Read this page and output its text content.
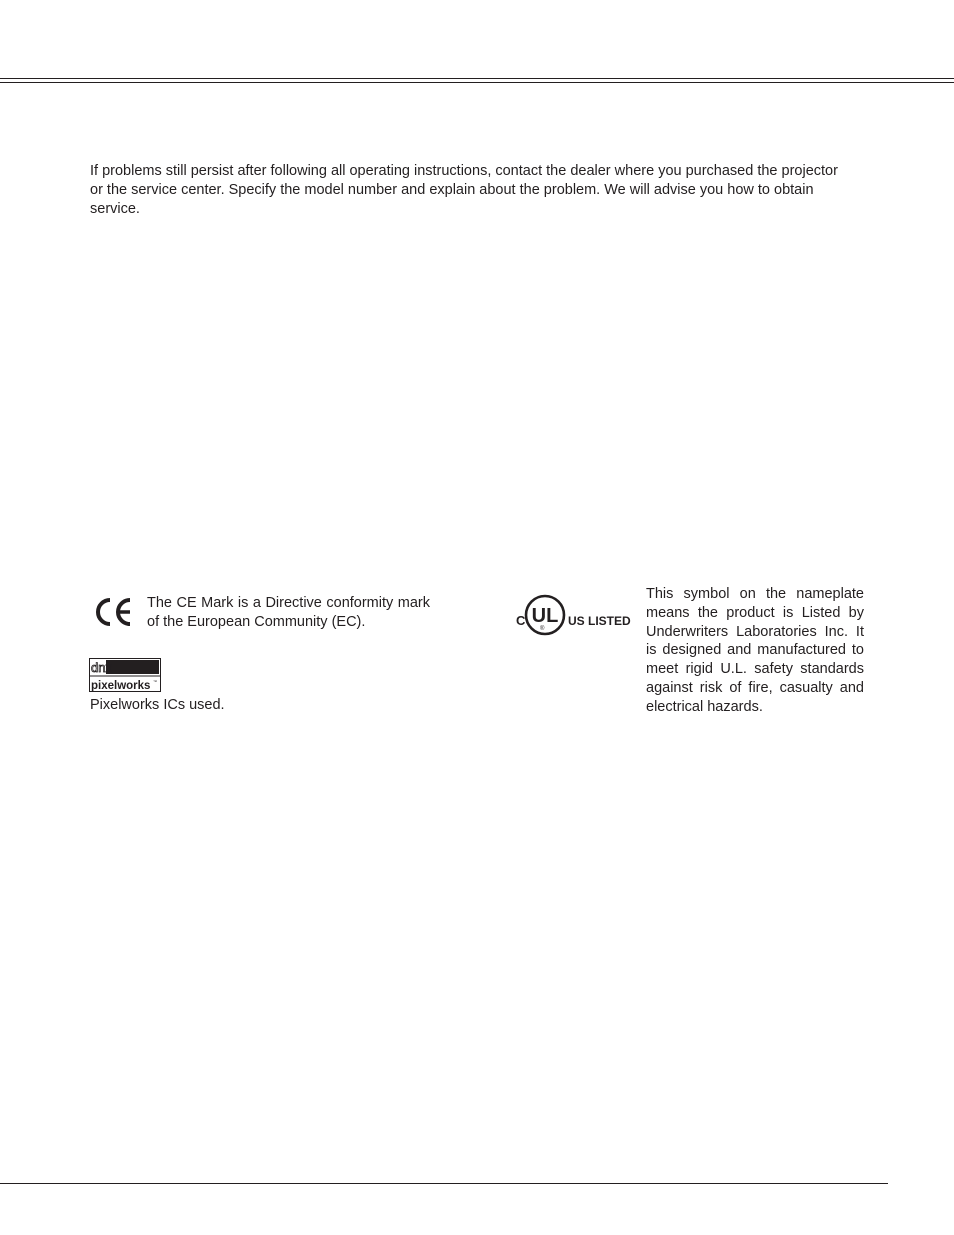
If problems still persist after following all operating instructions, contact the dealer where you purchased the projector or the service center. Specify the model number and explain about the problem. We will advise you how to obtain service.

The CE Mark is a Directive conformity mark of the European Community (EC).

dnx
pixelworks ™

Pixelworks ICs used.

C UL
®
US LISTED

This symbol on the nameplate means the product is Listed by Underwriters Laboratories Inc. It is designed and manufactured to meet rigid U.L. safety standards against risk of fire, casualty and electrical hazards.
